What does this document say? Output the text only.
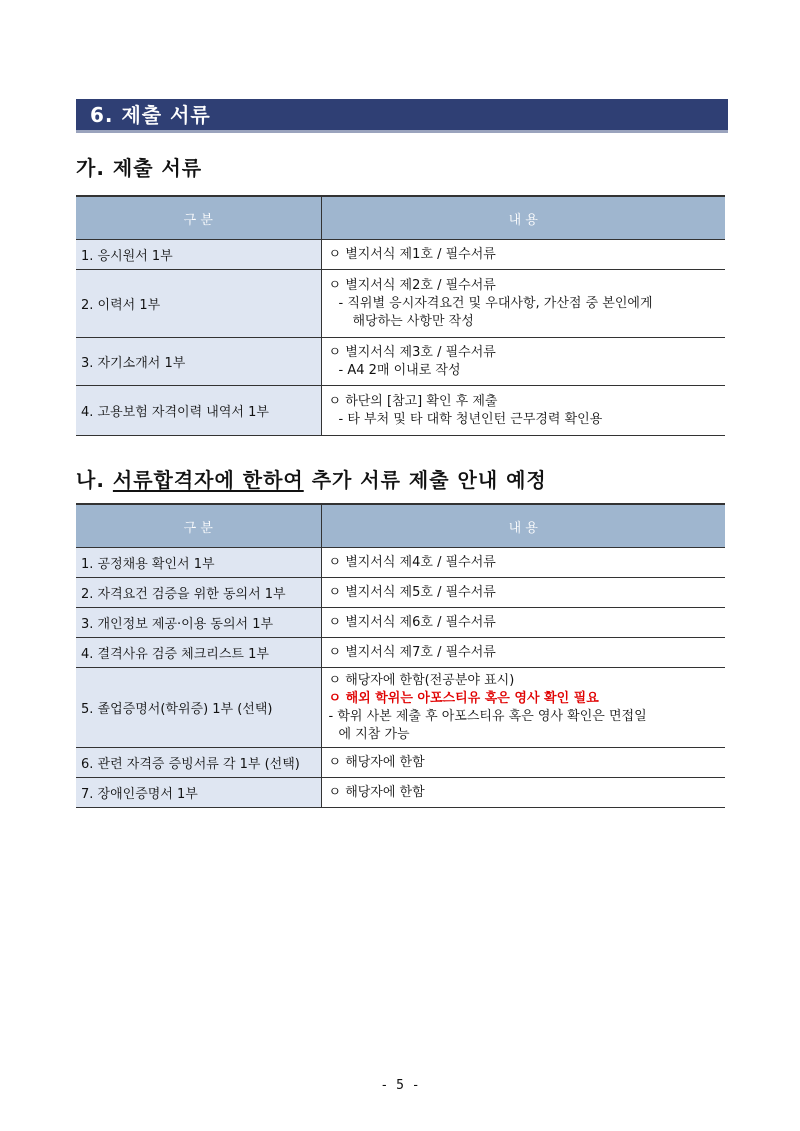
6. 제출 서류
가. 제출 서류
구 분	내 용
1. 응시원서 1부	ㅇ 별지서식 제1호 / 필수서류

2. 이력서 1부	ㅇ 별지서식 제2호 / 필수서류
- 직위별 응시자격요건 및 우대사항, 가산점 중 본인에게
해당하는 사항만 작성

3. 자기소개서 1부	ㅇ 별지서식 제3호 / 필수서류
- A4 2매 이내로 작성

4. 고용보험 자격이력 내역서 1부	ㅇ 하단의 [참고] 확인 후 제출
- 타 부처 및 타 대학 청년인턴 근무경력 확인용
나. 서류합격자에 한하여 추가 서류 제출 안내 예정
구 분	내 용
1. 공정채용 확인서 1부	ㅇ 별지서식 제4호 / 필수서류

2. 자격요건 검증을 위한 동의서 1부	ㅇ 별지서식 제5호 / 필수서류

3. 개인정보 제공·이용 동의서 1부	ㅇ 별지서식 제6호 / 필수서류

4. 결격사유 검증 체크리스트 1부	ㅇ 별지서식 제7호 / 필수서류

5. 졸업증명서(학위증) 1부 (선택)	ㅇ 해당자에 한함(전공분야 표시)
ㅇ 해외 학위는 아포스티유 혹은 영사 확인 필요
- 학위 사본 제출 후 아포스티유 혹은 영사 확인은 면접일
에 지참 가능

6. 관련 자격증 증빙서류 각 1부 (선택)	ㅇ 해당자에 한함

7. 장애인증명서 1부	ㅇ 해당자에 한함
- 5 -
